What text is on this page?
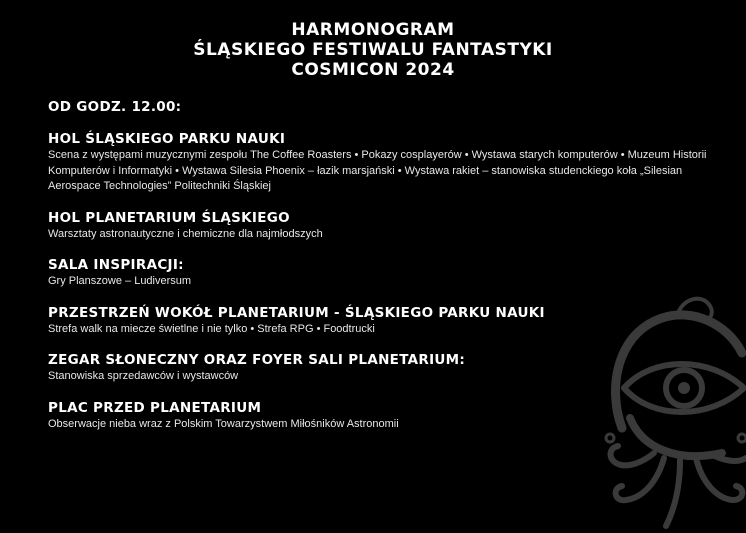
HARMONOGRAM
ŚLĄSKIEGO FESTIWALU FANTASTYKI
COSMICON 2024
OD GODZ. 12.00:
HOL ŚLĄSKIEGO PARKU NAUKI
Scena z występami muzycznymi zespołu The Coffee Roasters • Pokazy cosplayerów • Wystawa starych komputerów • Muzeum Historii Komputerów i Informatyki • Wystawa Silesia Phoenix – łazik marsjański • Wystawa rakiet – stanowiska studenckiego koła „Silesian Aerospace Technologies” Politechniki Śląskiej
HOL PLANETARIUM ŚLĄSKIEGO
Warsztaty astronautyczne i chemiczne dla najmłodszych
SALA INSPIRACJI:
Gry Planszowe – Ludiversum
PRZESTRZEŃ WOKÓŁ PLANETARIUM - ŚLĄSKIEGO PARKU NAUKI
Strefa walk na miecze świetlne i nie tylko • Strefa RPG • Foodtrucki
ZEGAR SŁONECZNY ORAZ FOYER SALI PLANETARIUM:
Stanowiska sprzedawców i wystawców
PLAC PRZED PLANETARIUM
Obserwacje nieba wraz z Polskim Towarzystwem Miłośników Astronomii
